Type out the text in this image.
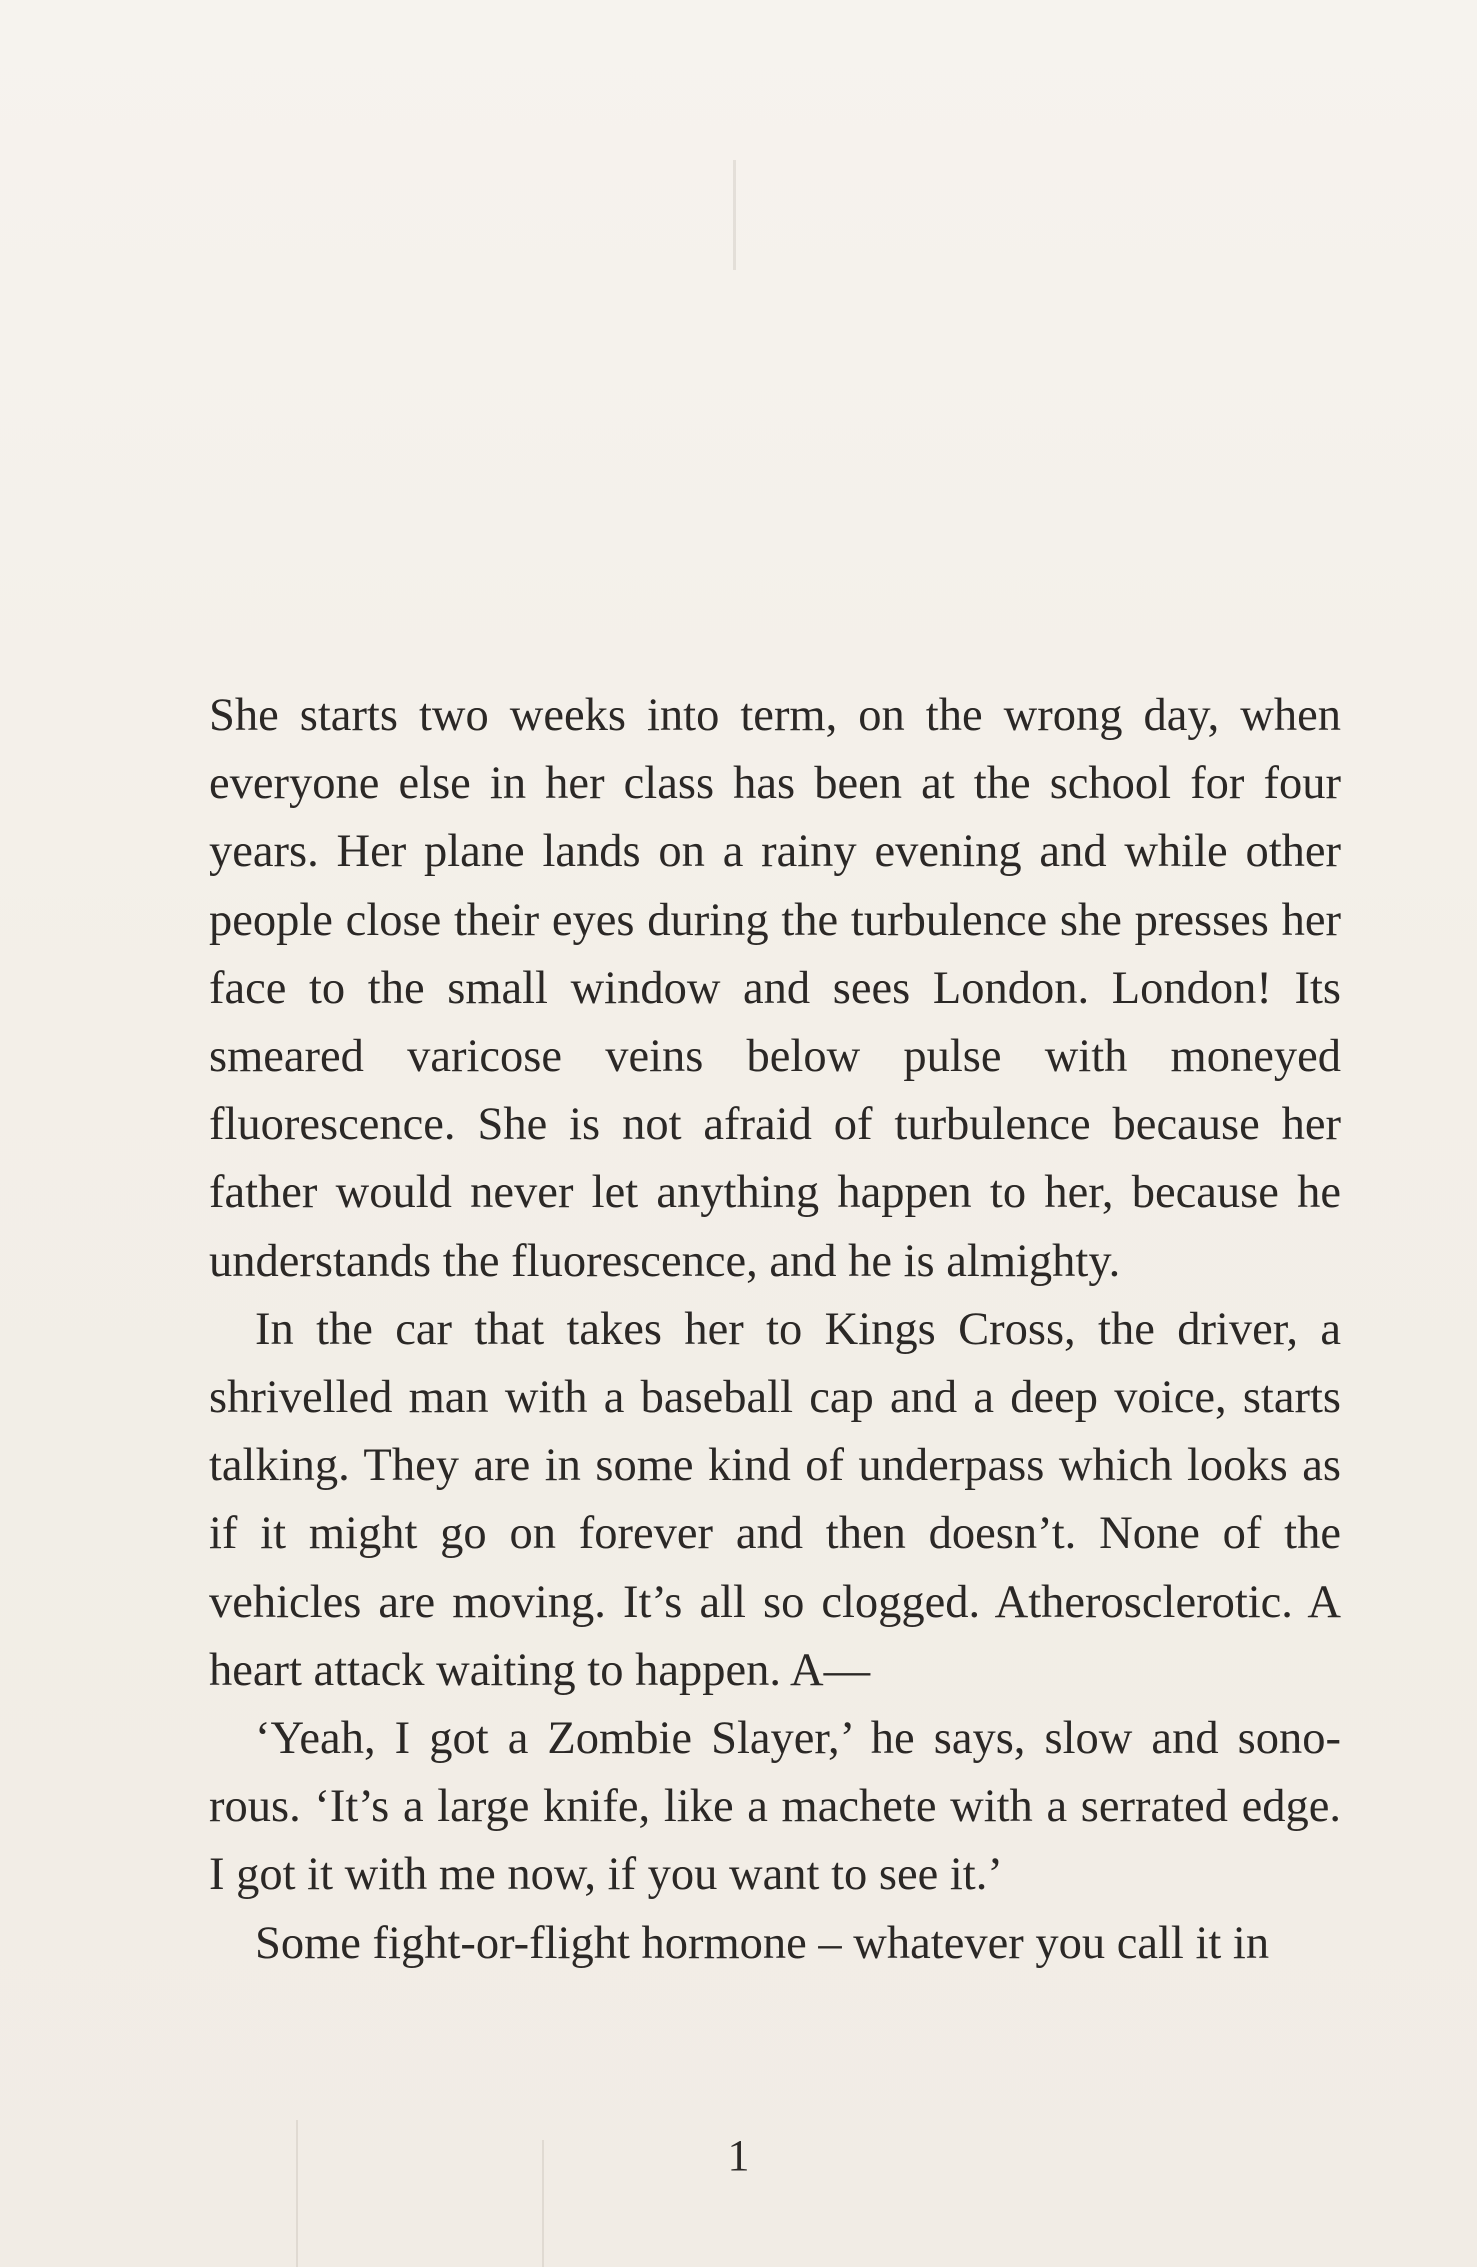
She starts two weeks into term, on the wrong day, when everyone else in her class has been at the school for four years. Her plane lands on a rainy evening and while other people close their eyes during the turbulence she presses her face to the small window and sees London. London! Its smeared varicose veins below pulse with moneyed fluorescence. She is not afraid of turbulence because her father would never let anything happen to her, because he understands the fluorescence, and he is almighty.

In the car that takes her to Kings Cross, the driver, a shrivelled man with a baseball cap and a deep voice, starts talking. They are in some kind of underpass which looks as if it might go on forever and then doesn’t. None of the vehicles are moving. It’s all so clogged. Atherosclerotic. A heart attack waiting to happen. A—

‘Yeah, I got a Zombie Slayer,’ he says, slow and sonorous. ‘It’s a large knife, like a machete with a serrated edge. I got it with me now, if you want to see it.’

Some fight-or-flight hormone – whatever you call it in

1
